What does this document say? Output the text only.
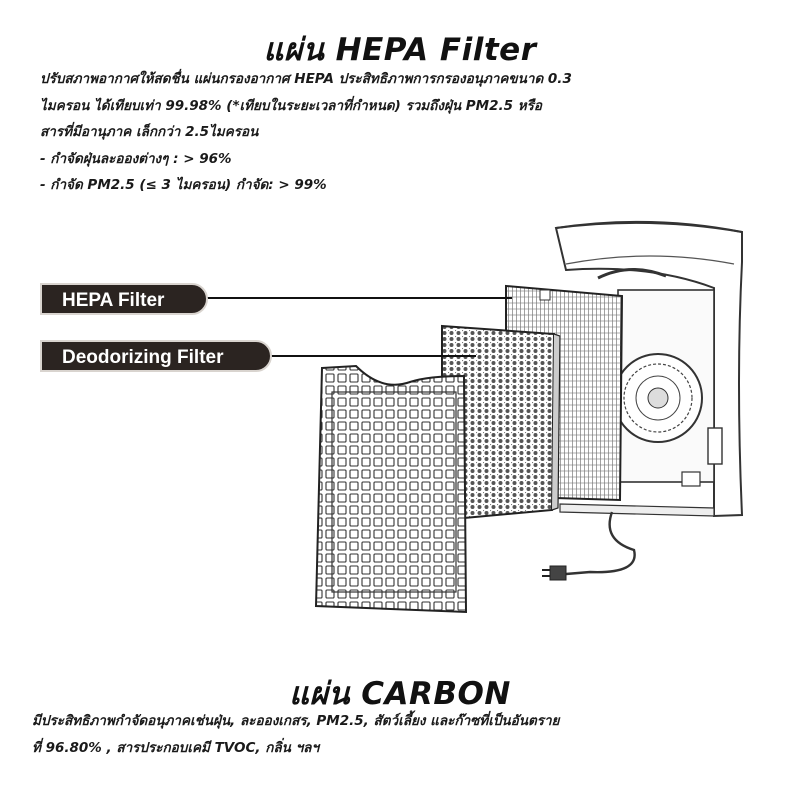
แผ่น HEPA Filter
ปรับสภาพอากาศให้สดชื่น แผ่นกรองอากาศ HEPA ประสิทธิภาพการกรองอนุภาคขนาด 0.3
ไมครอน ได้เทียบเท่า 99.98% (*เทียบในระยะเวลาที่กำหนด) รวมถึงฝุ่น PM2.5 หรือ
สารที่มีอานุภาค เล็กกว่า 2.5ไมครอน
- กำจัดฝุ่นละอองต่างๆ : > 96%
- กำจัด PM2.5 (≤ 3 ไมครอน) กำจัด: > 99%
HEPA Filter
Deodorizing Filter
แผ่น CARBON
มีประสิทธิภาพกำจัดอนุภาคเช่นฝุ่น, ละอองเกสร, PM2.5, สัตว์เลี้ยง และก๊าซที่เป็นอันตราย
ที่ 96.80% , สารประกอบเคมี TVOC, กลิ่น ฯลฯ
